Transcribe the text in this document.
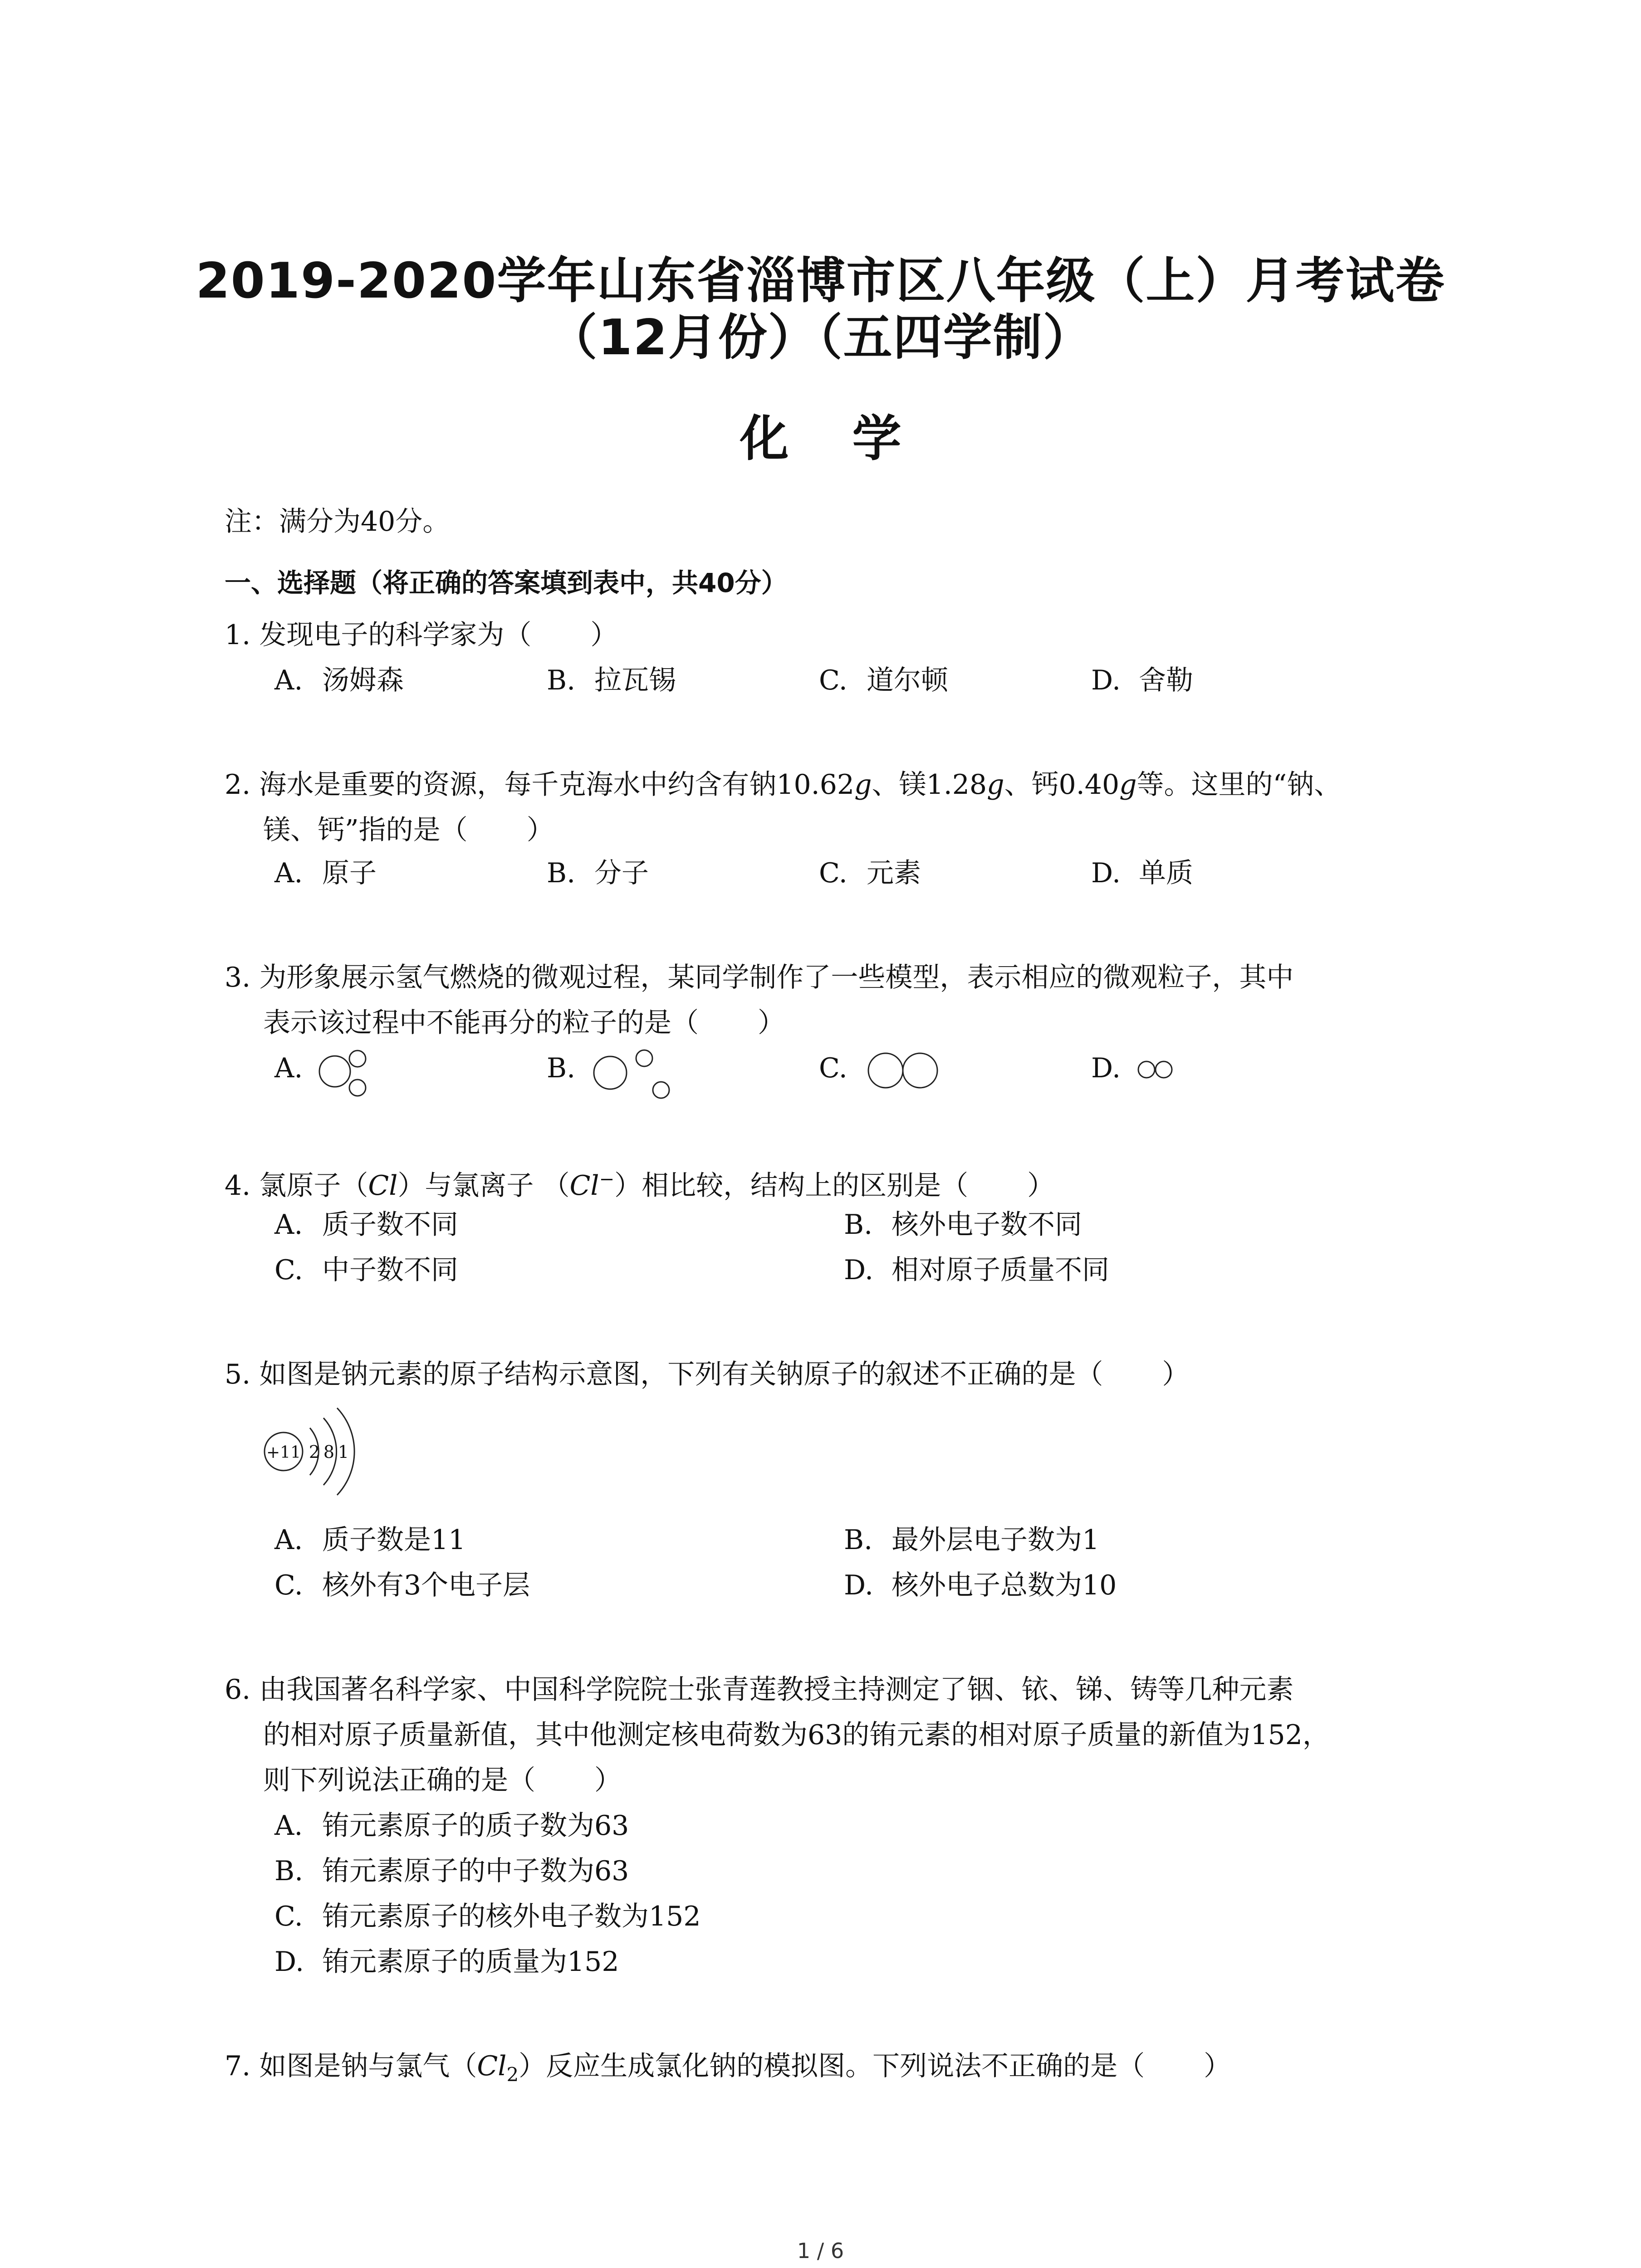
2019-2020学年山东省淄博市区八年级（上）月考试卷
（12月份）（五四学制）
化 学
注：满分为40分。
一、选择题（将正确的答案填到表中，共40分）
1. 发现电子的科学家为（ ）
A. 汤姆森	B. 拉瓦锡	C. 道尔顿	D. 舍勒
2. 海水是重要的资源，每千克海水中约含有钠10.62g、镁1.28g、钙0.40g等。这里的“钠、
镁、钙”指的是（ ）
A. 原子	B. 分子	C. 元素	D. 单质
3. 为形象展示氢气燃烧的微观过程，某同学制作了一些模型，表示相应的微观粒子，其中
表示该过程中不能再分的粒子的是（ ）
A.	B.	C.	D.
4. 氯原子（Cl）与氯离子 （Cl−）相比较，结构上的区别是（ ）
A. 质子数不同	B. 核外电子数不同
C. 中子数不同	D. 相对原子质量不同
5. 如图是钠元素的原子结构示意图，下列有关钠原子的叙述不正确的是（ ）
+11 2 8 1
A. 质子数是11	B. 最外层电子数为1
C. 核外有3个电子层	D. 核外电子总数为10
6. 由我国著名科学家、中国科学院院士张青莲教授主持测定了铟、铱、锑、铸等几种元素
的相对原子质量新值，其中他测定核电荷数为63的铕元素的相对原子质量的新值为152，
则下列说法正确的是（ ）
A. 铕元素原子的质子数为63
B. 铕元素原子的中子数为63
C. 铕元素原子的核外电子数为152
D. 铕元素原子的质量为152
7. 如图是钠与氯气$(Cl_2)$反应生成氯化钠的模拟图。下列说法不正确的是（ ）
1 / 6
